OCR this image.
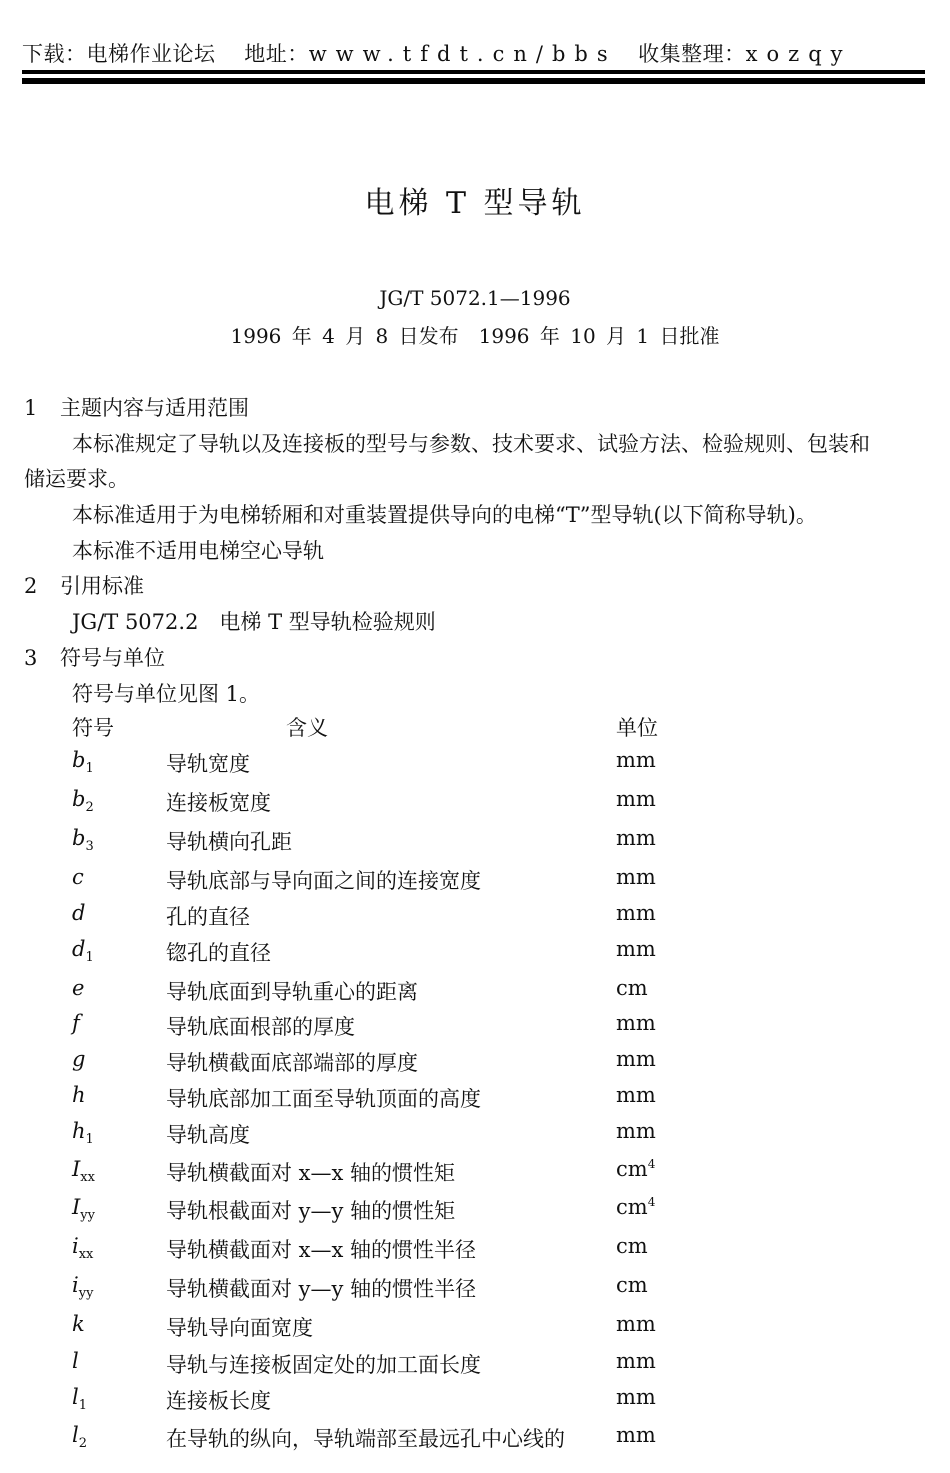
下载：电梯作业论坛 地址：www.tfdt.cn/bbs 收集整理：xozqy
电梯 T 型导轨
JG/T 5072.1—1996
1996 年 4 月 8 日发布　1996 年 10 月 1 日批准
1 主题内容与适用范围
本标准规定了导轨以及连接板的型号与参数、技术要求、试验方法、检验规则、包装和
储运要求。
本标准适用于为电梯轿厢和对重装置提供导向的电梯“T”型导轨(以下简称导轨)。
本标准不适用电梯空心导轨
2 引用标准
JG/T 5072.2　电梯 T 型导轨检验规则
3 符号与单位
符号与单位见图 1。
符号	含义	单位
$b_1$	导轨宽度	mm
$b_2$	连接板宽度	mm
$b_3$	导轨横向孔距	mm
c	导轨底部与导向面之间的连接宽度	mm
d	孔的直径	mm
$d_1$	锪孔的直径	mm
e	导轨底面到导轨重心的距离	cm
f	导轨底面根部的厚度	mm
g	导轨横截面底部端部的厚度	mm
h	导轨底部加工面至导轨顶面的高度	mm
$h_1$	导轨高度	mm
$I_{xx}$	导轨横截面对 x—x 轴的惯性矩	$cm^4$
$I_{yy}$	导轨根截面对 y—y 轴的惯性矩	$cm^4$
$i_{xx}$	导轨横截面对 x—x 轴的惯性半径	cm
$i_{yy}$	导轨横截面对 y—y 轴的惯性半径	cm
k	导轨导向面宽度	mm
l	导轨与连接板固定处的加工面长度	mm
$l_1$	连接板长度	mm
$l_2$	在导轨的纵向，导轨端部至最远孔中心线的 mm
